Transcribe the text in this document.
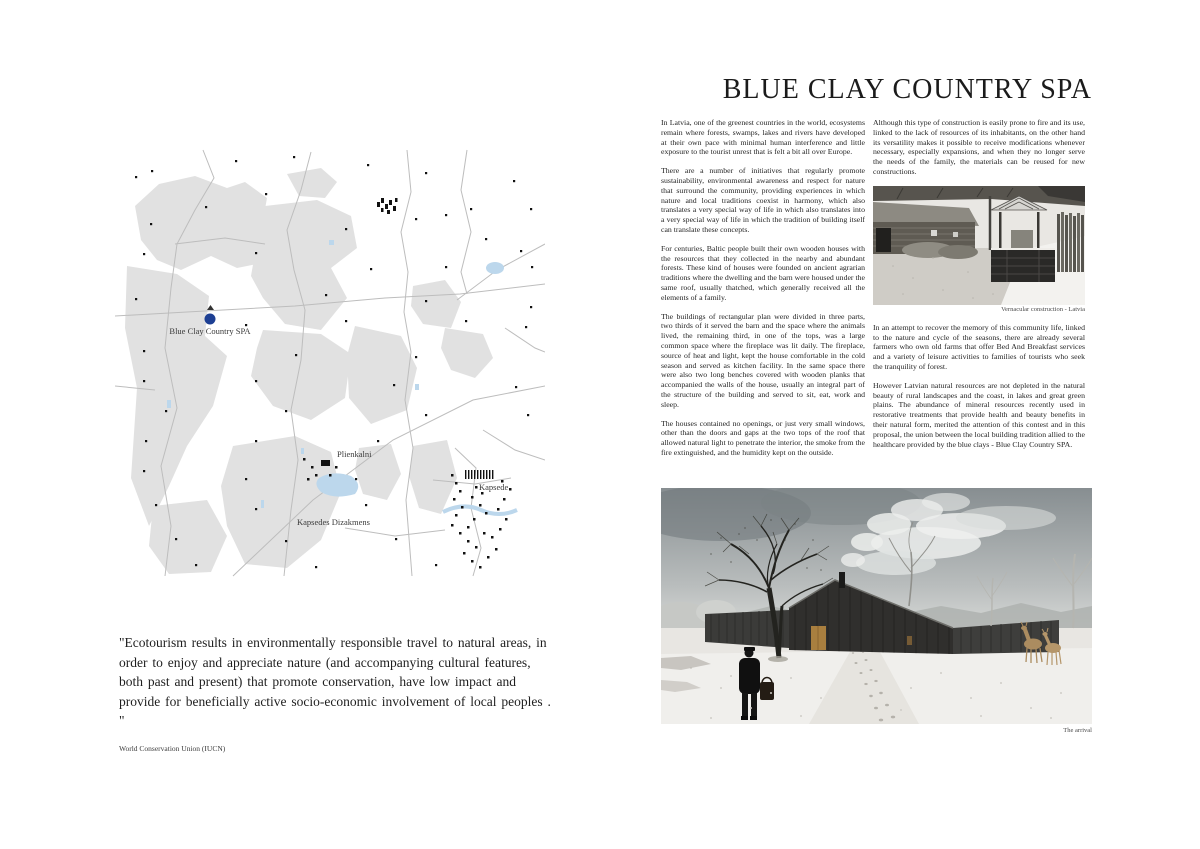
Blue Clay Country SPA
Plienkalni
Kapsede
Kapsedes Dizakmens
"Ecotourism results in environmentally responsible travel to natural areas, in order to enjoy and appreciate nature (and accompanying cultural features, both past and present) that promote conservation, have low impact and provide for beneficially active socio-economic involvement of local peoples . "
World Conservation Union (IUCN)
BLUE CLAY COUNTRY SPA

In Latvia, one of the greenest countries in the world, ecosystems remain where forests, swamps, lakes and rivers have developed at their own pace with minimal human interference and little exposure to the tourist unrest that is felt a bit all over Europe.

There are a number of initiatives that regularly promote sustainability, environmental awareness and respect for nature that surround the community, providing experiences in which nature and local traditions coexist in harmony, which also translates a very special way of life in which also translates into a very special way of life in which the tradition of building itself can translate these concepts.

For centuries, Baltic people built their own wooden houses with the resources that they collected in the nearby and abundant forests. These kind of houses were founded on ancient agrarian traditions where the dwelling and the barn were housed under the same roof, usually thatched, which generally received all the elements of a family.

The buildings of rectangular plan were divided in three parts, two thirds of it served the barn and the space where the animals lived, the remaining third, in one of the tops, was a large common space where the fireplace was lit daily. The fireplace, source of heat and light, kept the house comfortable in the cold season and served as kitchen facility. In the same space there were also two long benches covered with wooden planks that accompanied the walls of the house, usually an integral part of the structure of the building and served to sit, eat, work and sleep.

The houses contained no openings, or just very small windows, other than the doors and gaps at the two tops of the roof that allowed natural light to penetrate the interior, the smoke from the fire extinguished, and the humidity kept on the outside.

Although this type of construction is easily prone to fire and its use, linked to the lack of resources of its inhabitants, on the other hand its versatility makes it possible to receive modifications whenever necessary, especially expansions, and when they no longer serve the needs of the family, the materials can be reused for new constructions.

Vernacular construction - Latvia

In an attempt to recover the memory of this community life, linked to the nature and cycle of the seasons, there are already several farmers who own old farms that offer Bed And Breakfast services and a variety of leisure activities to families of tourists who seek the tranquility of forest.

However Latvian natural resources are not depleted in the natural beauty of rural landscapes and the coast, in lakes and great green plains. The abundance of mineral resources recently used in restorative treatments that provide health and beauty benefits in their natural form, merited the attention of this contest and in this proposal, the union between the local building tradition allied to the healthcare provided by the blue clays - Blue Clay Country SPA.

The arrival
